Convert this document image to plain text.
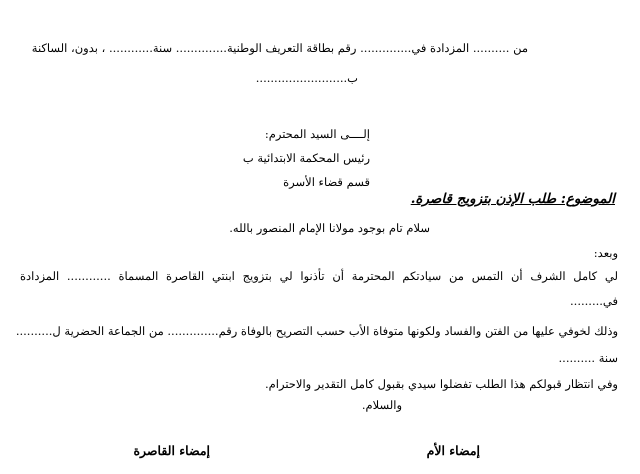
من .......... المزدادة في.............. رقم بطاقة التعريف الوطنية.............. سنة............ ، بدون، الساكنة
ب.........................
إلــــى السيد المحترم:
رئيس المحكمة الابتدائية ب
قسم قضاء الأسرة
الموضوع: طلب الإذن بتزويج قاصرة.
سلام تام بوجود مولانا الإمام المنصور بالله.
وبعد:
لي كامل الشرف أن التمس من سيادتكم المحترمة أن تأذنوا لي بتزويج ابنتي القاصرة المسماة ............ المزدادة
في.........
وذلك لخوفي عليها من الفتن والفساد ولكونها متوفاة الأب حسب التصريح بالوفاة رقم.............. من الجماعة الحضرية ل..........
سنة ..........
وفي انتظار قبولكم هذا الطلب تفضلوا سيدي بقبول كامل التقدير والاحترام.
والسلام.
إمضاء الأم
إمضاء القاصرة
